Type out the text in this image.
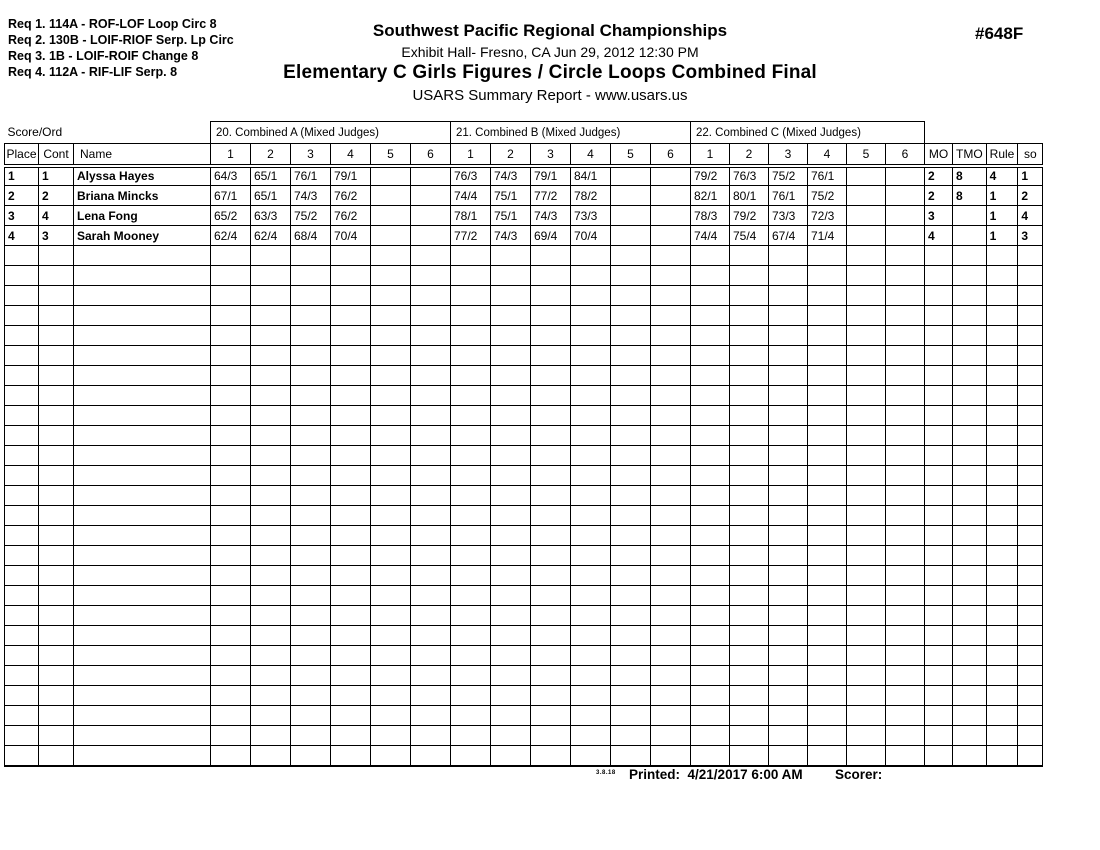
Req 1. 114A - ROF-LOF Loop Circ 8
Req 2. 130B - LOIF-RIOF Serp. Lp Circ
Req 3. 1B - LOIF-ROIF Change 8
Req 4. 112A - RIF-LIF Serp. 8
Southwest Pacific Regional Championships
Exhibit Hall- Fresno, CA Jun 29, 2012 12:30 PM
Elementary C Girls Figures / Circle Loops Combined Final
USARS Summary Report - www.usars.us
#648F
Score/Ord			20. Combined A (Mixed Judges)						21. Combined B (Mixed Judges)						22. Combined C (Mixed Judges)									
Place	Cont	Name	1	2	3	4	5	6	1	2	3	4	5	6	1	2	3	4	5	6	MO	TMO	Rule	so
1	1	Alyssa Hayes	64/3	65/1	76/1	79/1			76/3	74/3	79/1	84/1			79/2	76/3	75/2	76/1			2	8	4	1
2	2	Briana Mincks	67/1	65/1	74/3	76/2			74/4	75/1	77/2	78/2			82/1	80/1	76/1	75/2			2	8	1	2
3	4	Lena Fong	65/2	63/3	75/2	76/2			78/1	75/1	74/3	73/3			78/3	79/2	73/3	72/3			3		1	4
4	3	Sarah Mooney	62/4	62/4	68/4	70/4			77/2	74/3	69/4	70/4			74/4	75/4	67/4	71/4			4		1	3

3.8.18 Printed: 4/21/2017 6:00 AM Scorer:
